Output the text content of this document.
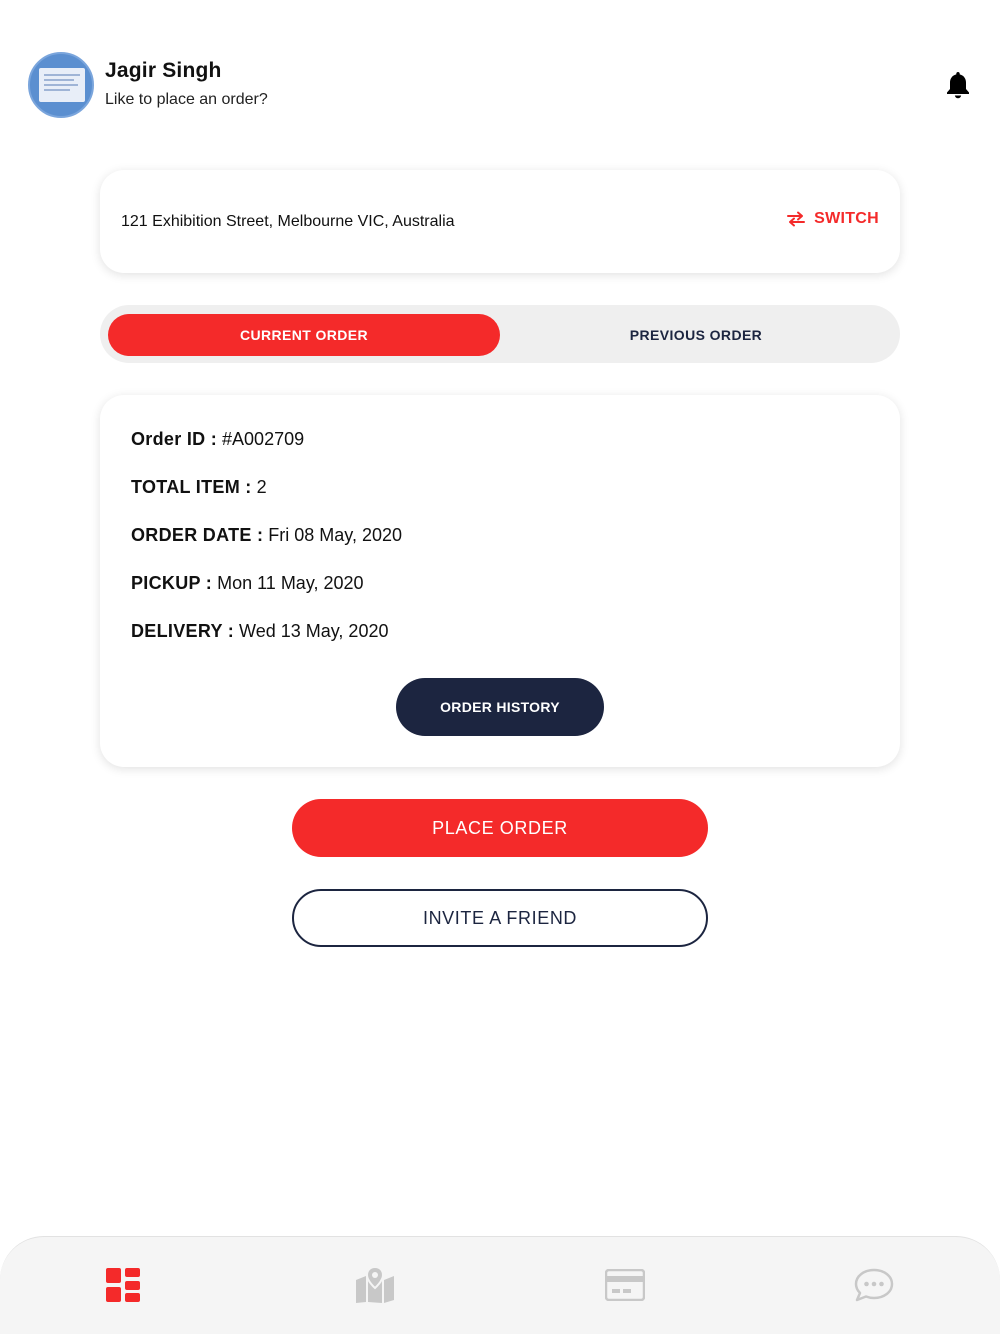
Jagir Singh
Like to place an order?
121 Exhibition Street, Melbourne VIC, Australia	SWITCH
CURRENT ORDER	PREVIOUS ORDER
Order ID : #A002709
TOTAL ITEM : 2
ORDER DATE : Fri 08 May, 2020
PICKUP : Mon 11 May, 2020
DELIVERY : Wed 13 May, 2020
ORDER HISTORY
PLACE ORDER
INVITE A FRIEND
